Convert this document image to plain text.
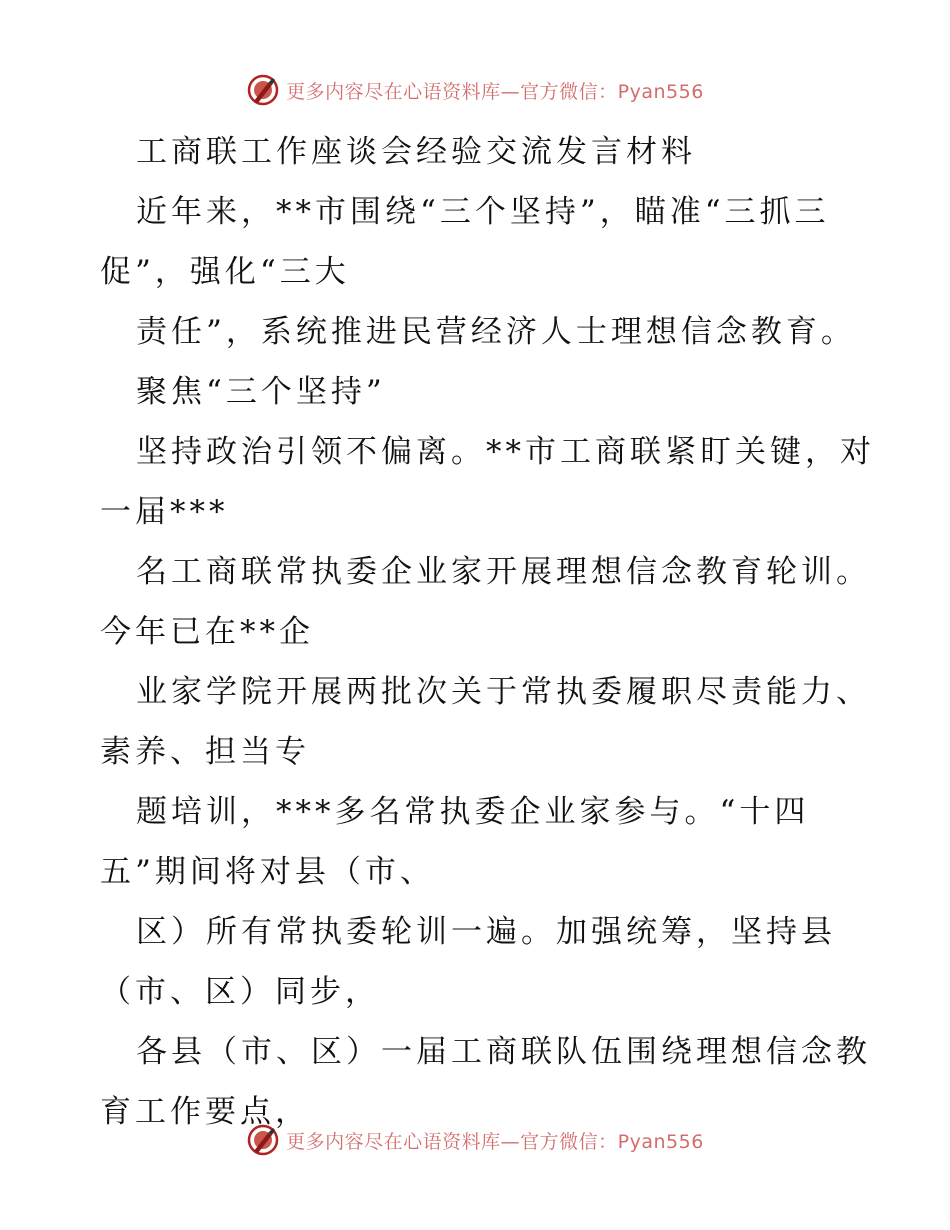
更多内容尽在心语资料库—官方微信：Pyan556
工商联工作座谈会经验交流发言材料
近年来，**市围绕“三个坚持”，瞄准“三抓三
促”，强化“三大
责任”，系统推进民营经济人士理想信念教育。
聚焦“三个坚持”
坚持政治引领不偏离。**市工商联紧盯关键，对
一届***
名工商联常执委企业家开展理想信念教育轮训。
今年已在**企
业家学院开展两批次关于常执委履职尽责能力、
素养、担当专
题培训，***多名常执委企业家参与。“十四
五”期间将对县（市、
区）所有常执委轮训一遍。加强统筹，坚持县
（市、区）同步，
各县（市、区）一届工商联队伍围绕理想信念教
育工作要点，
更多内容尽在心语资料库—官方微信：Pyan556
